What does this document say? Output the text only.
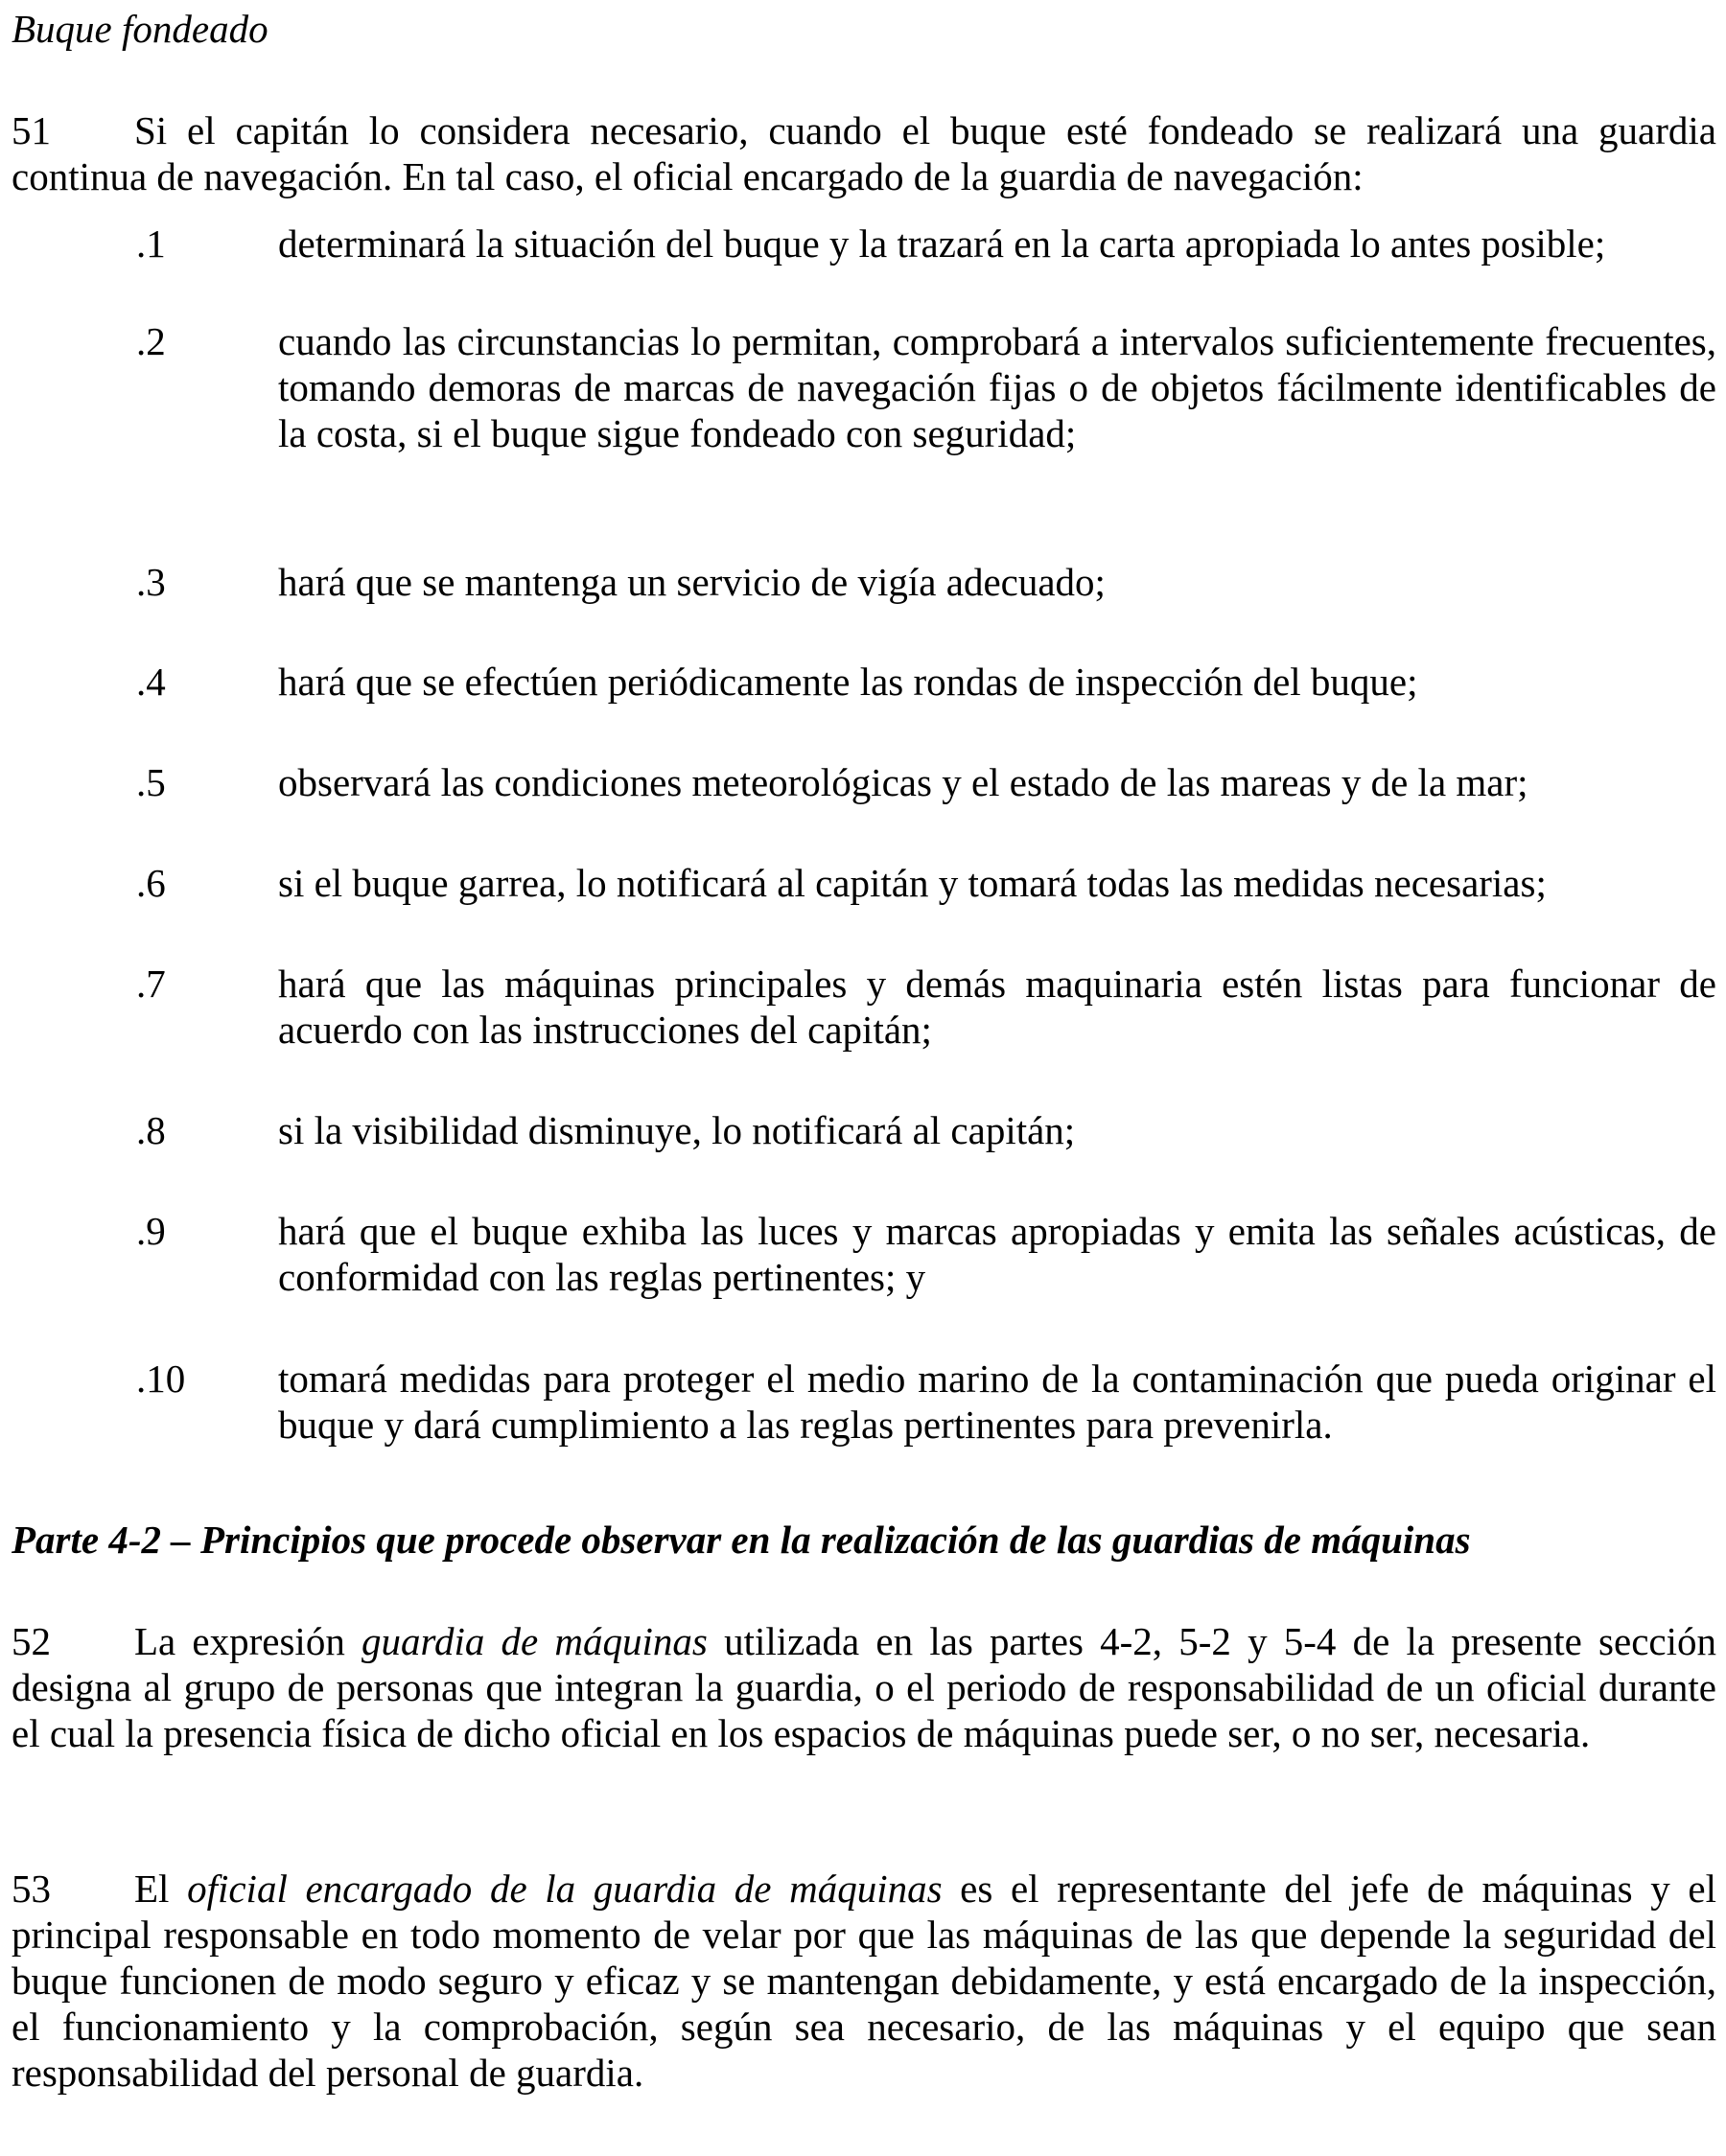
Buque fondeado
51 Si el capitán lo considera necesario, cuando el buque esté fondeado se realizará una guardia continua de navegación. En tal caso, el oficial encargado de la guardia de navegación:
.1	determinará la situación del buque y la trazará en la carta apropiada lo antes posible;
.2	cuando las circunstancias lo permitan, comprobará a intervalos suficientemente frecuentes, tomando demoras de marcas de navegación fijas o de objetos fácilmente identificables de la costa, si el buque sigue fondeado con seguridad;
.3	hará que se mantenga un servicio de vigía adecuado;
.4	hará que se efectúen periódicamente las rondas de inspección del buque;
.5	observará las condiciones meteorológicas y el estado de las mareas y de la mar;
.6	si el buque garrea, lo notificará al capitán y tomará todas las medidas necesarias;
.7	hará que las máquinas principales y demás maquinaria estén listas para funcionar de acuerdo con las instrucciones del capitán;
.8	si la visibilidad disminuye, lo notificará al capitán;
.9	hará que el buque exhiba las luces y marcas apropiadas y emita las señales acústicas, de conformidad con las reglas pertinentes; y
.10 tomará medidas para proteger el medio marino de la contaminación que pueda originar el buque y dará cumplimiento a las reglas pertinentes para prevenirla.
Parte 4-2 – Principios que procede observar en la realización de las guardias de máquinas
52 La expresión guardia de máquinas utilizada en las partes 4-2, 5-2 y 5-4 de la presente sección designa al grupo de personas que integran la guardia, o el periodo de responsabilidad de un oficial durante el cual la presencia física de dicho oficial en los espacios de máquinas puede ser, o no ser, necesaria.
53 El oficial encargado de la guardia de máquinas es el representante del jefe de máquinas y el principal responsable en todo momento de velar por que las máquinas de las que depende la seguridad del buque funcionen de modo seguro y eficaz y se mantengan debidamente, y está encargado de la inspección, el funcionamiento y la comprobación, según sea necesario, de las máquinas y el equipo que sean responsabilidad del personal de guardia.
